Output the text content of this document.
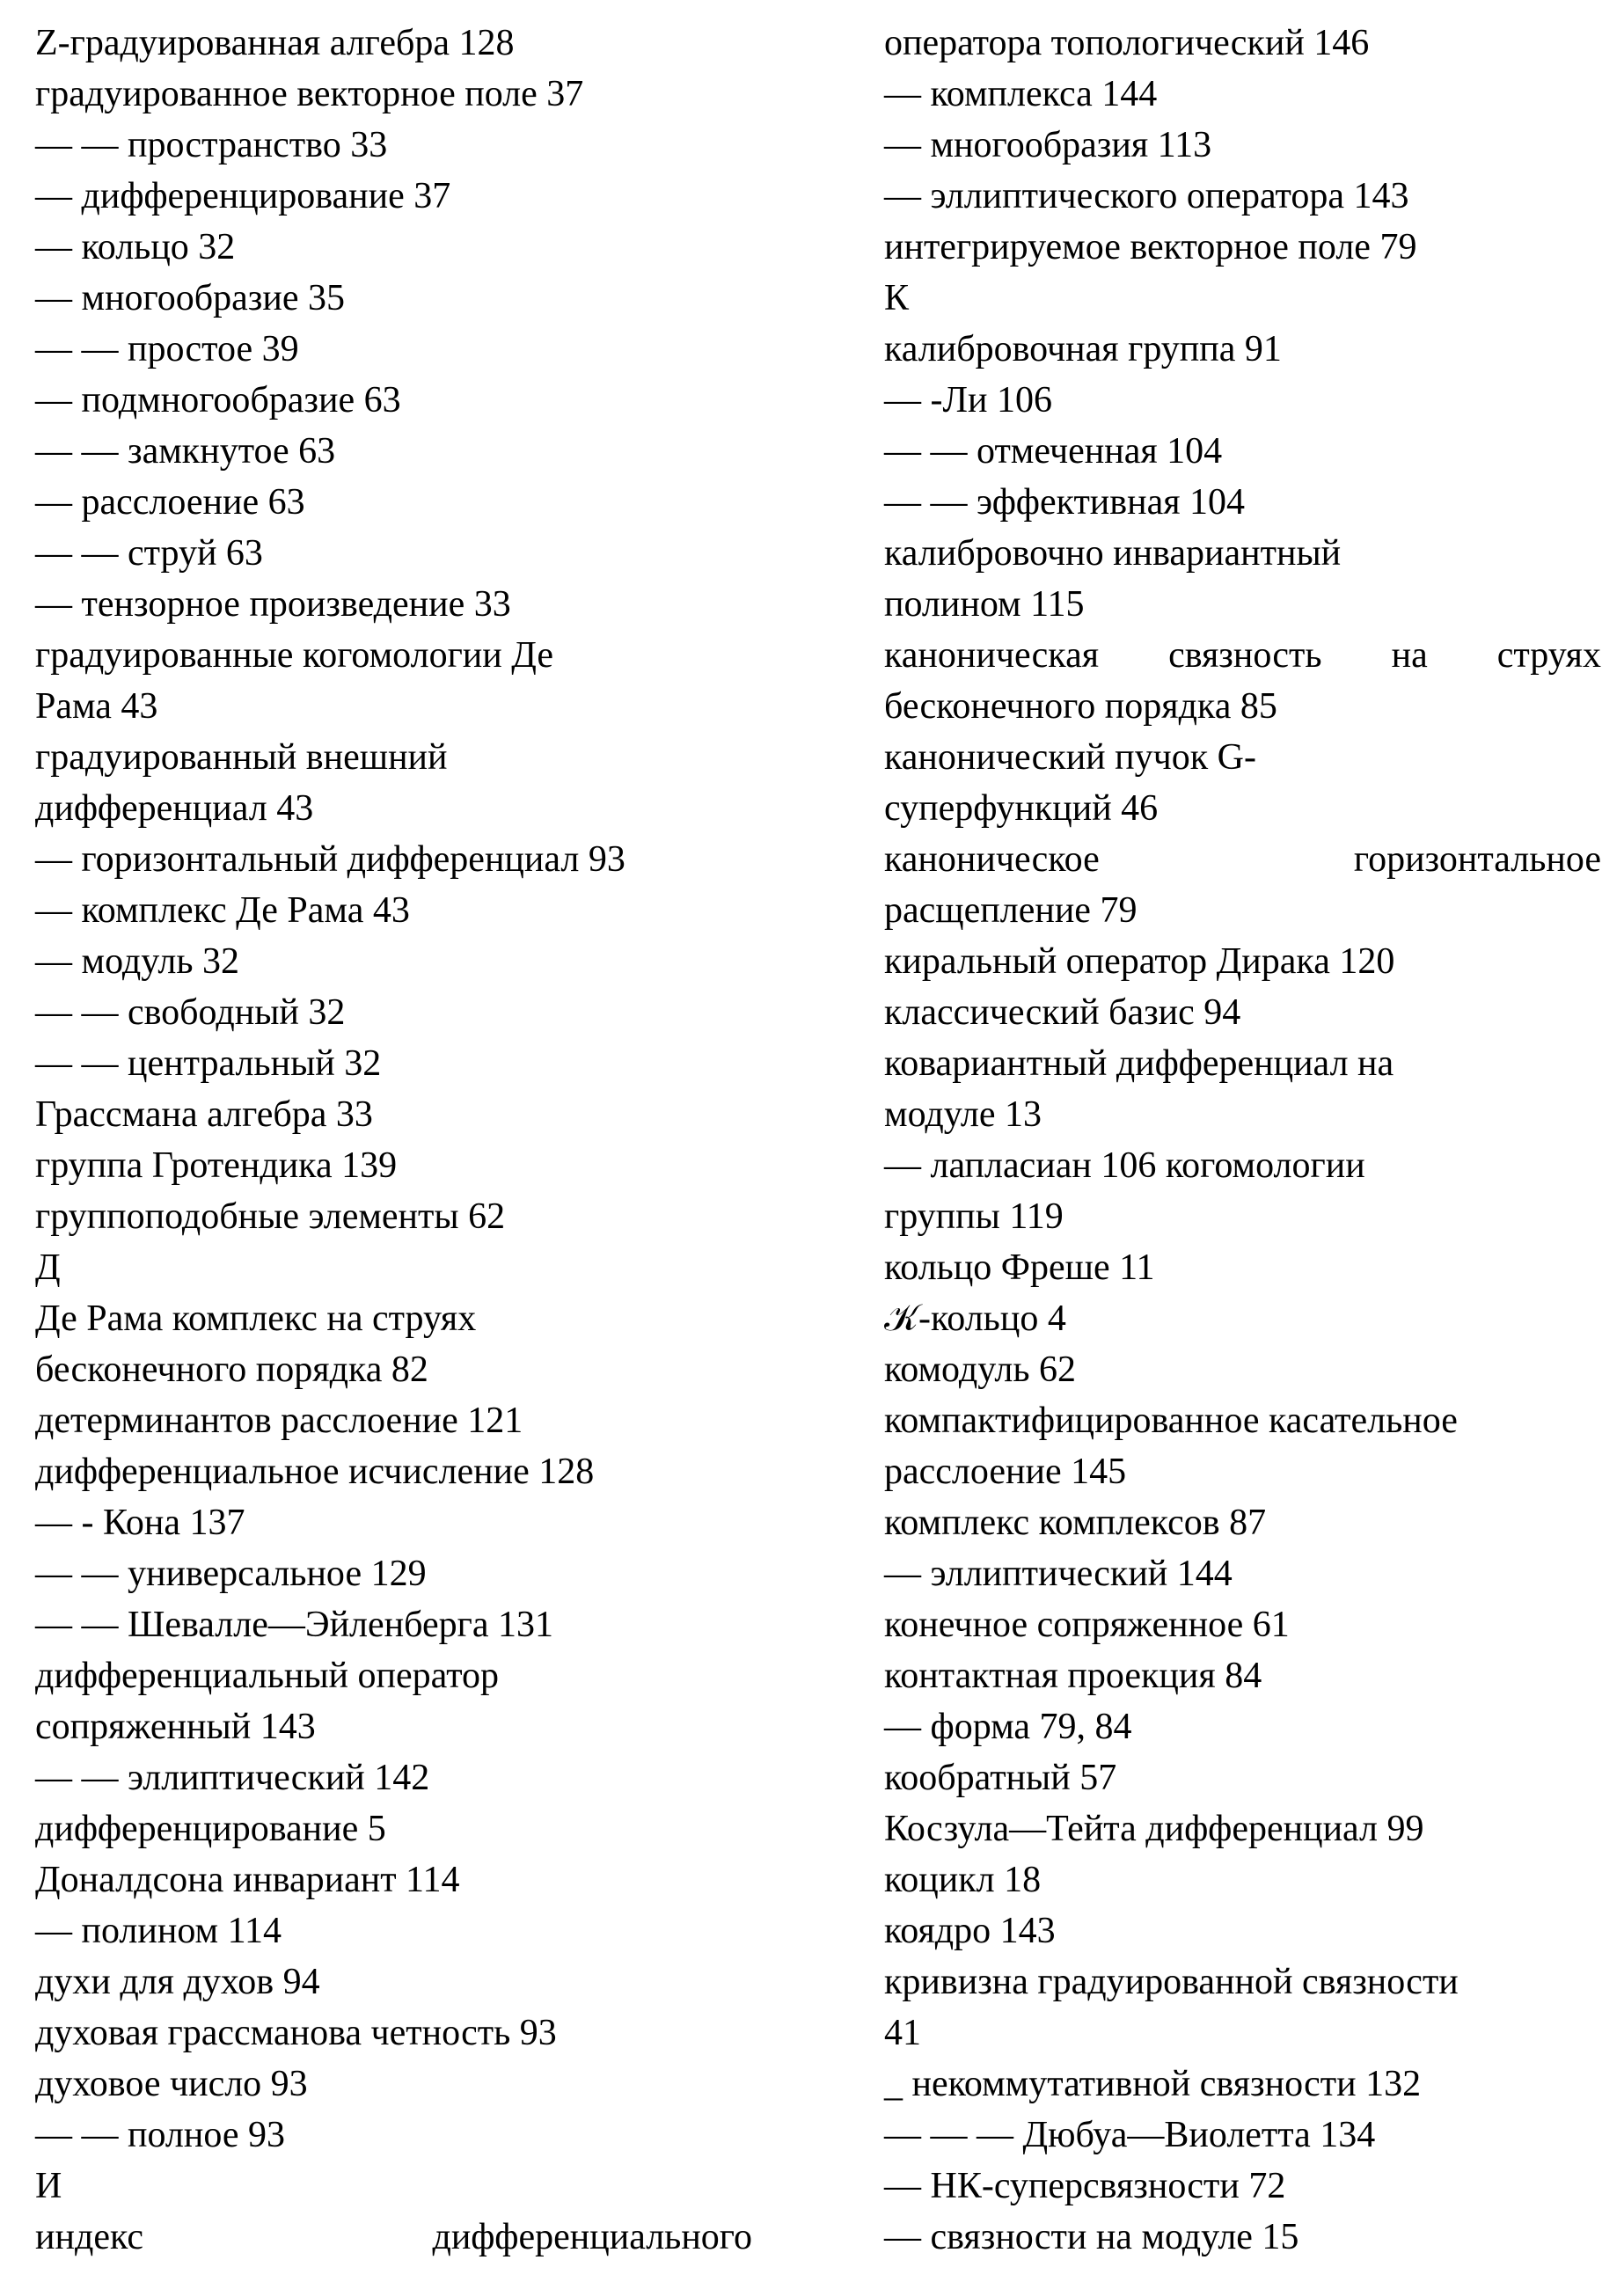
Z-градуированная алгебра 128
градуированное векторное поле 37
— — пространство 33
— дифференцирование 37
— кольцо 32
— многообразие 35
— — простое 39
— подмногообразие 63
— — замкнутое 63
— расслоение 63
— — струй 63
— тензорное произведение 33
градуированные когомологии Де
Рама 43
градуированный внешний
дифференциал 43
— горизонтальный дифференциал 93
— комплекс Де Рама 43
— модуль 32
— — свободный 32
— — центральный 32
Грассмана алгебра 33
группа Гротендика 139
группоподобные элементы 62
Д
Де Рама комплекс на струях
бесконечного порядка 82
детерминантов расслоение 121
дифференциальное исчисление 128
— - Кона 137
— — универсальное 129
— — Шевалле—Эйленберга 131
дифференциальный оператор
сопряженный 143
— — эллиптический 142
дифференцирование 5
Доналдсона инвариант 114
— полином 114
духи для духов 94
духовая грассманова четность 93
духовое число 93
— — полное 93
И
индекс дифференциального
оператора топологический 146
— комплекса 144
— многообразия 113
— эллиптического оператора 143
интегрируемое векторное поле 79
К
калибровочная группа 91
— -Ли 106
— — отмеченная 104
— — эффективная 104
калибровочно инвариантный
полином 115
каноническая связность на струях
бесконечного порядка 85
канонический пучок G-
суперфункций 46
каноническое горизонтальное
расщепление 79
киральный оператор Дирака 120
классический базис 94
ковариантный дифференциал на
модуле 13
— лапласиан 106 когомологии
группы 119
кольцо Фреше 11
𝒦-кольцо 4
комодуль 62
компактифицированное касательное
расслоение 145
комплекс комплексов 87
— эллиптический 144
конечное сопряженное 61
контактная проекция 84
— форма 79, 84
кообратный 57
Косзула—Тейта дифференциал 99
коцикл 18
коядро 143
кривизна градуированной связности
41
_ некоммутативной связности 132
— — — Дюбуа—Виолетта 134
— НК-суперсвязности 72
— связности на модуле 15
